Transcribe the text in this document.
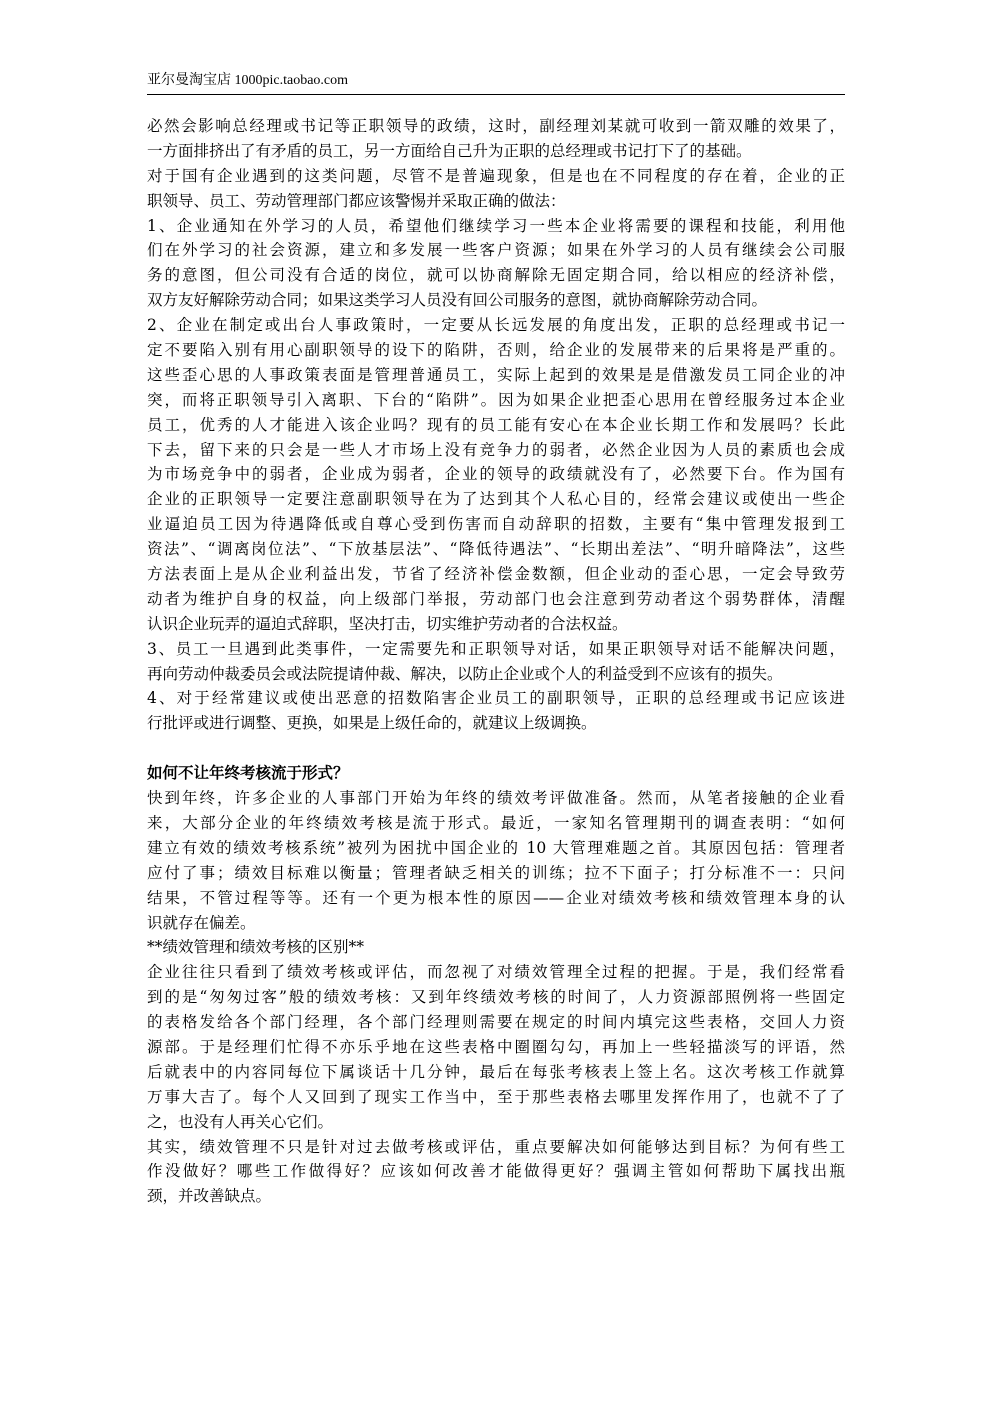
亚尔曼淘宝店 1000pic.taobao.com
必然会影响总经理或书记等正职领导的政绩，这时，副经理刘某就可收到一箭双雕的效果了，
一方面排挤出了有矛盾的员工，另一方面给自己升为正职的总经理或书记打下了的基础。
对于国有企业遇到的这类问题，尽管不是普遍现象，但是也在不同程度的存在着，企业的正
职领导、员工、劳动管理部门都应该警惕并采取正确的做法：
1、企业通知在外学习的人员，希望他们继续学习一些本企业将需要的课程和技能，利用他
们在外学习的社会资源，建立和多发展一些客户资源；如果在外学习的人员有继续会公司服
务的意图，但公司没有合适的岗位，就可以协商解除无固定期合同，给以相应的经济补偿，
双方友好解除劳动合同；如果这类学习人员没有回公司服务的意图，就协商解除劳动合同。
2、企业在制定或出台人事政策时，一定要从长远发展的角度出发，正职的总经理或书记一
定不要陷入别有用心副职领导的设下的陷阱，否则，给企业的发展带来的后果将是严重的。
这些歪心思的人事政策表面是管理普通员工，实际上起到的效果是是借激发员工同企业的冲
突，而将正职领导引入离职、下台的“陷阱”。因为如果企业把歪心思用在曾经服务过本企业
员工，优秀的人才能进入该企业吗？现有的员工能有安心在本企业长期工作和发展吗？长此
下去，留下来的只会是一些人才市场上没有竞争力的弱者，必然企业因为人员的素质也会成
为市场竞争中的弱者，企业成为弱者，企业的领导的政绩就没有了，必然要下台。作为国有
企业的正职领导一定要注意副职领导在为了达到其个人私心目的，经常会建议或使出一些企
业逼迫员工因为待遇降低或自尊心受到伤害而自动辞职的招数，主要有“集中管理发报到工
资法”、“调离岗位法”、“下放基层法”、“降低待遇法”、“长期出差法”、“明升暗降法”，这些
方法表面上是从企业利益出发，节省了经济补偿金数额，但企业动的歪心思，一定会导致劳
动者为维护自身的权益，向上级部门举报，劳动部门也会注意到劳动者这个弱势群体，清醒
认识企业玩弄的逼迫式辞职，坚决打击，切实维护劳动者的合法权益。
3、员工一旦遇到此类事件，一定需要先和正职领导对话，如果正职领导对话不能解决问题，
再向劳动仲裁委员会或法院提请仲裁、解决，以防止企业或个人的利益受到不应该有的损失。
4、对于经常建议或使出恶意的招数陷害企业员工的副职领导，正职的总经理或书记应该进
行批评或进行调整、更换，如果是上级任命的，就建议上级调换。
如何不让年终考核流于形式？
快到年终，许多企业的人事部门开始为年终的绩效考评做准备。然而，从笔者接触的企业看
来，大部分企业的年终绩效考核是流于形式。最近，一家知名管理期刊的调查表明：“如何
建立有效的绩效考核系统”被列为困扰中国企业的 10 大管理难题之首。其原因包括：管理者
应付了事；绩效目标难以衡量；管理者缺乏相关的训练；拉不下面子；打分标准不一：只问
结果，不管过程等等。还有一个更为根本性的原因——企业对绩效考核和绩效管理本身的认
识就存在偏差。
**绩效管理和绩效考核的区别**
企业往往只看到了绩效考核或评估，而忽视了对绩效管理全过程的把握。于是，我们经常看
到的是“匆匆过客”般的绩效考核：又到年终绩效考核的时间了，人力资源部照例将一些固定
的表格发给各个部门经理，各个部门经理则需要在规定的时间内填完这些表格，交回人力资
源部。于是经理们忙得不亦乐乎地在这些表格中圈圈勾勾，再加上一些轻描淡写的评语，然
后就表中的内容同每位下属谈话十几分钟，最后在每张考核表上签上名。这次考核工作就算
万事大吉了。每个人又回到了现实工作当中，至于那些表格去哪里发挥作用了，也就不了了
之，也没有人再关心它们。
其实，绩效管理不只是针对过去做考核或评估，重点要解决如何能够达到目标？为何有些工
作没做好？哪些工作做得好？应该如何改善才能做得更好？强调主管如何帮助下属找出瓶
颈，并改善缺点。
